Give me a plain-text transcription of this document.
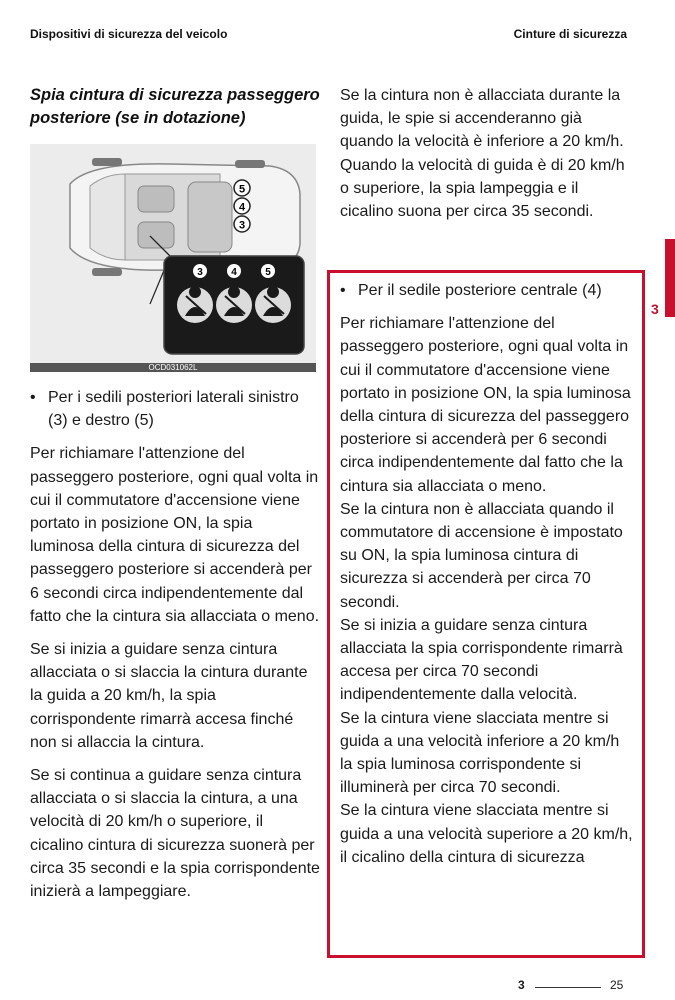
Dispositivi di sicurezza del veicolo	Cinture di sicurezza
Spia cintura di sicurezza passeggero posteriore (se in dotazione)
5
4
3
3	4	5
OCD031062L
• Per i sedili posteriori laterali sinistro (3) e destro (5)

Per richiamare l'attenzione del passeggero posteriore, ogni qual volta in cui il commutatore d'accensione viene portato in posizione ON, la spia luminosa della cintura di sicurezza del passeggero posteriore si accenderà per 6 secondi circa indipendentemente dal fatto che la cintura sia allacciata o meno.

Se si inizia a guidare senza cintura allacciata o si slaccia la cintura durante la guida a 20 km/h, la spia corrispondente rimarrà accesa finché non si allaccia la cintura.

Se si continua a guidare senza cintura allacciata o si slaccia la cintura, a una velocità di 20 km/h o superiore, il cicalino cintura di sicurezza suonerà per circa 35 secondi e la spia corrispondente inizierà a lampeggiare.

Se la cintura non è allacciata durante la guida, le spie si accenderanno già quando la velocità è inferiore a 20 km/h.

Quando la velocità di guida è di 20 km/h o superiore, la spia lampeggia e il cicalino suona per circa 35 secondi.

• Per il sedile posteriore centrale (4)

Per richiamare l'attenzione del passeggero posteriore, ogni qual volta in cui il commutatore d'accensione viene portato in posizione ON, la spia luminosa della cintura di sicurezza del passeggero posteriore si accenderà per 6 secondi circa indipendentemente dal fatto che la cintura sia allacciata o meno.

Se la cintura non è allacciata quando il commutatore di accensione è impostato su ON, la spia luminosa cintura di sicurezza si accenderà per circa 70 secondi.

Se si inizia a guidare senza cintura allacciata la spia corrispondente rimarrà accesa per circa 70 secondi indipendentemente dalla velocità.

Se la cintura viene slacciata mentre si guida a una velocità inferiore a 20 km/h la spia luminosa corrispondente si illuminerà per circa 70 secondi.

Se la cintura viene slacciata mentre si guida a una velocità superiore a 20 km/h, il cicalino della cintura di sicurezza

3
3	25
